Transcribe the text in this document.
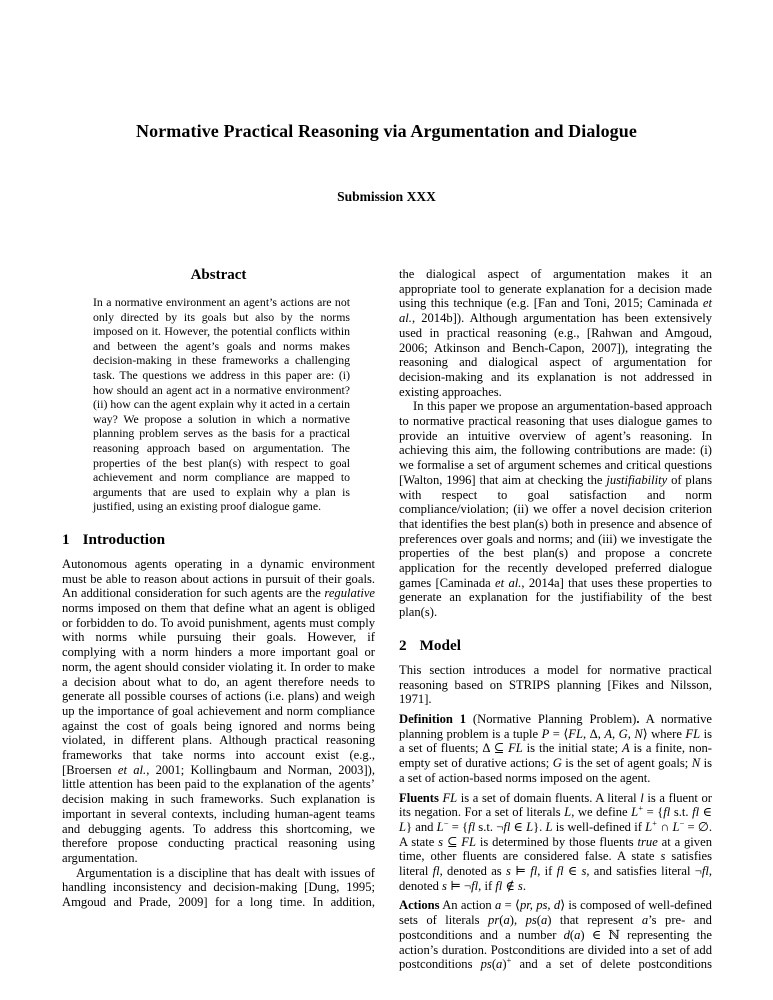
Normative Practical Reasoning via Argumentation and Dialogue
Submission XXX
Abstract
In a normative environment an agent’s actions are not only directed by its goals but also by the norms imposed on it. However, the potential conflicts within and between the agent’s goals and norms makes decision-making in these frameworks a challenging task. The questions we address in this paper are: (i) how should an agent act in a normative environment? (ii) how can the agent explain why it acted in a certain way? We propose a solution in which a normative planning problem serves as the basis for a practical reasoning approach based on argumentation. The properties of the best plan(s) with respect to goal achievement and norm compliance are mapped to arguments that are used to explain why a plan is justified, using an existing proof dialogue game.
1 Introduction

Autonomous agents operating in a dynamic environment must be able to reason about actions in pursuit of their goals. An additional consideration for such agents are the regulative norms imposed on them that define what an agent is obliged or forbidden to do. To avoid punishment, agents must comply with norms while pursuing their goals. However, if complying with a norm hinders a more important goal or norm, the agent should consider violating it. In order to make a decision about what to do, an agent therefore needs to generate all possible courses of actions (i.e. plans) and weigh up the importance of goal achievement and norm compliance against the cost of goals being ignored and norms being violated, in different plans. Although practical reasoning frameworks that take norms into account exist (e.g., [Broersen et al., 2001; Kollingbaum and Norman, 2003]), little attention has been paid to the explanation of the agents’ decision making in such frameworks. Such explanation is important in several contexts, including human-agent teams and debugging agents. To address this shortcoming, we therefore propose conducting practical reasoning using argumentation.

Argumentation is a discipline that has dealt with issues of handling inconsistency and decision-making [Dung, 1995; Amgoud and Prade, 2009] for a long time. In addition,

the dialogical aspect of argumentation makes it an appropriate tool to generate explanation for a decision made using this technique (e.g. [Fan and Toni, 2015; Caminada et al., 2014b]). Although argumentation has been extensively used in practical reasoning (e.g., [Rahwan and Amgoud, 2006; Atkinson and Bench-Capon, 2007]), integrating the reasoning and dialogical aspect of argumentation for decision-making and its explanation is not addressed in existing approaches.

In this paper we propose an argumentation-based approach to normative practical reasoning that uses dialogue games to provide an intuitive overview of agent’s reasoning. In achieving this aim, the following contributions are made: (i) we formalise a set of argument schemes and critical questions [Walton, 1996] that aim at checking the justifiability of plans with respect to goal satisfaction and norm compliance/violation; (ii) we offer a novel decision criterion that identifies the best plan(s) both in presence and absence of preferences over goals and norms; and (iii) we investigate the properties of the best plan(s) and propose a concrete application for the recently developed preferred dialogue games [Caminada et al., 2014a] that uses these properties to generate an explanation for the justifiability of the best plan(s).

2 Model

This section introduces a model for normative practical reasoning based on STRIPS planning [Fikes and Nilsson, 1971].

Definition 1 (Normative Planning Problem). A normative planning problem is a tuple P = ⟨FL, Δ, A, G, N⟩ where FL is a set of fluents; Δ ⊆ FL is the initial state; A is a finite, non-empty set of durative actions; G is the set of agent goals; N is a set of action-based norms imposed on the agent.

Fluents FL is a set of domain fluents. A literal l is a fluent or its negation. For a set of literals L, we define L+ = {fl s.t. fl ∈ L} and L− = {fl s.t. ¬fl ∈ L}. L is well-defined if L+ ∩ L− = ∅. A state s ⊆ FL is determined by those fluents true at a given time, other fluents are considered false. A state s satisfies literal fl, denoted as s ⊨ fl, if fl ∈ s, and satisfies literal ¬fl, denoted s ⊨ ¬fl, if fl ∉ s.

Actions An action a = ⟨pr, ps, d⟩ is composed of well-defined sets of literals pr(a), ps(a) that represent a’s pre- and postconditions and a number d(a) ∈ ℕ representing the action’s duration. Postconditions are divided into a set of add postconditions ps(a)+ and a set of delete postconditions
